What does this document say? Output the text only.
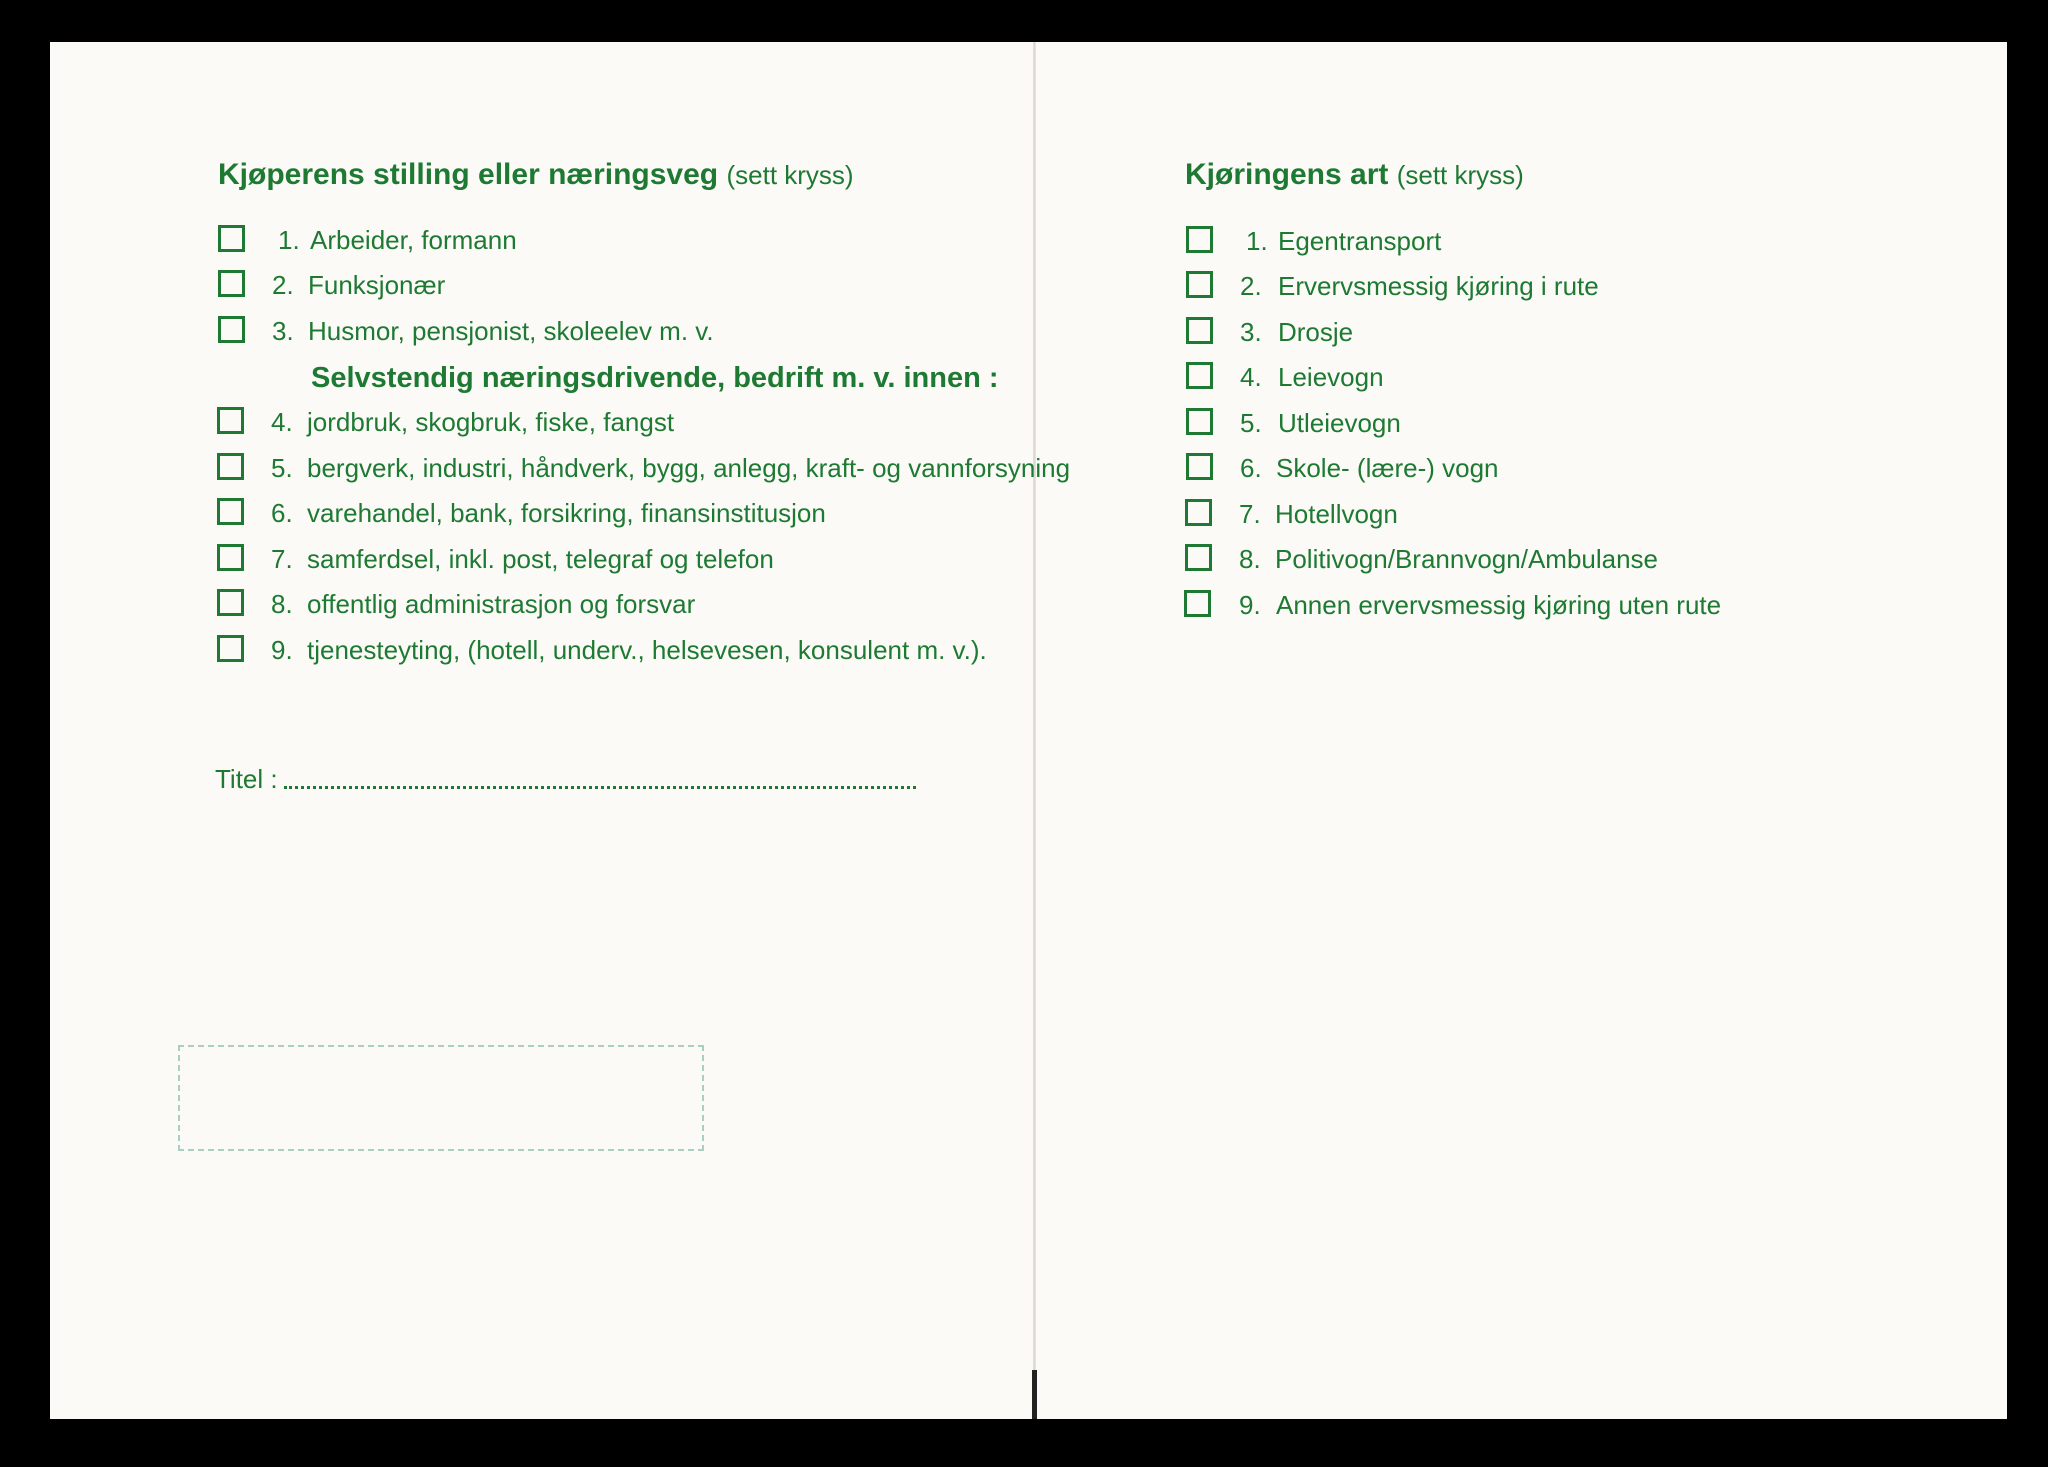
Kjøperens stilling eller næringsveg (sett kryss)
1. Arbeider, formann
2. Funksjonær
3. Husmor, pensjonist, skoleelev m. v.
Selvstendig næringsdrivende, bedrift m. v. innen :
4. jordbruk, skogbruk, fiske, fangst
5. bergverk, industri, håndverk, bygg, anlegg, kraft- og vannforsyning
6. varehandel, bank, forsikring, finansinstitusjon
7. samferdsel, inkl. post, telegraf og telefon
8. offentlig administrasjon og forsvar
9. tjenesteyting, (hotell, underv., helsevesen, konsulent m. v.).
Titel :
Kjøringens art (sett kryss)
1. Egentransport
2. Ervervsmessig kjøring i rute
3. Drosje
4. Leievogn
5. Utleievogn
6. Skole- (lære-) vogn
7. Hotellvogn
8. Politivogn/Brannvogn/Ambulanse
9. Annen ervervsmessig kjøring uten rute
